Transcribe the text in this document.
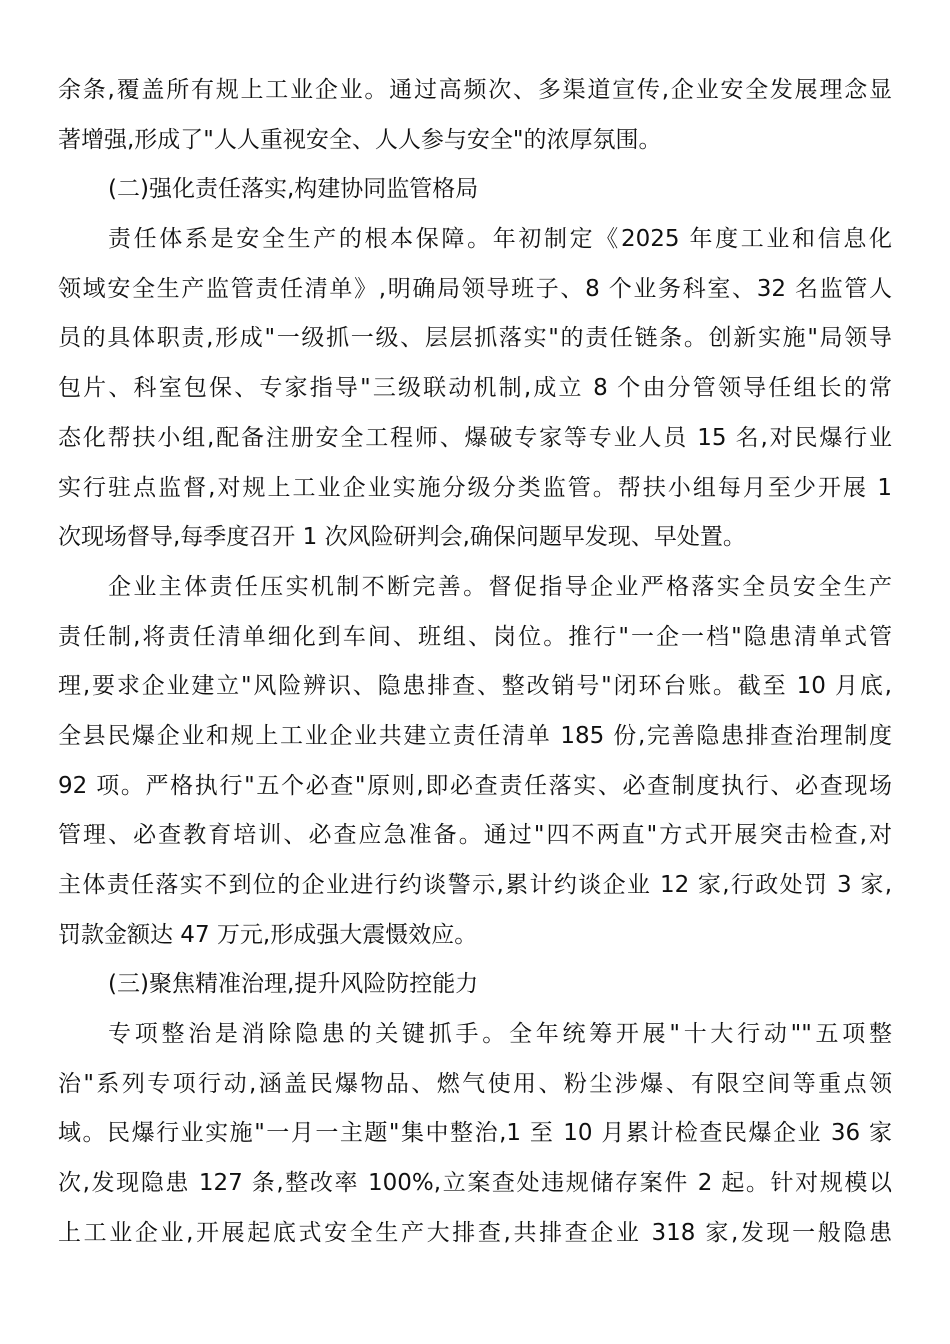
余条,覆盖所有规上工业企业。通过高频次、多渠道宣传,企业安全发展理念显
著增强,形成了"人人重视安全、人人参与安全"的浓厚氛围。
(二)强化责任落实,构建协同监管格局
责任体系是安全生产的根本保障。年初制定《2025 年度工业和信息化
领域安全生产监管责任清单》,明确局领导班子、8 个业务科室、32 名监管人
员的具体职责,形成"一级抓一级、层层抓落实"的责任链条。创新实施"局领导
包片、科室包保、专家指导"三级联动机制,成立 8 个由分管领导任组长的常
态化帮扶小组,配备注册安全工程师、爆破专家等专业人员 15 名,对民爆行业
实行驻点监督,对规上工业企业实施分级分类监管。帮扶小组每月至少开展 1
次现场督导,每季度召开 1 次风险研判会,确保问题早发现、早处置。
企业主体责任压实机制不断完善。督促指导企业严格落实全员安全生产
责任制,将责任清单细化到车间、班组、岗位。推行"一企一档"隐患清单式管
理,要求企业建立"风险辨识、隐患排查、整改销号"闭环台账。截至 10 月底,
全县民爆企业和规上工业企业共建立责任清单 185 份,完善隐患排查治理制度
92 项。严格执行"五个必查"原则,即必查责任落实、必查制度执行、必查现场
管理、必查教育培训、必查应急准备。通过"四不两直"方式开展突击检查,对
主体责任落实不到位的企业进行约谈警示,累计约谈企业 12 家,行政处罚 3 家,
罚款金额达 47 万元,形成强大震慑效应。
(三)聚焦精准治理,提升风险防控能力
专项整治是消除隐患的关键抓手。全年统筹开展"十大行动""五项整
治"系列专项行动,涵盖民爆物品、燃气使用、粉尘涉爆、有限空间等重点领
域。民爆行业实施"一月一主题"集中整治,1 至 10 月累计检查民爆企业 36 家
次,发现隐患 127 条,整改率 100%,立案查处违规储存案件 2 起。针对规模以
上工业企业,开展起底式安全生产大排查,共排查企业 318 家,发现一般隐患
